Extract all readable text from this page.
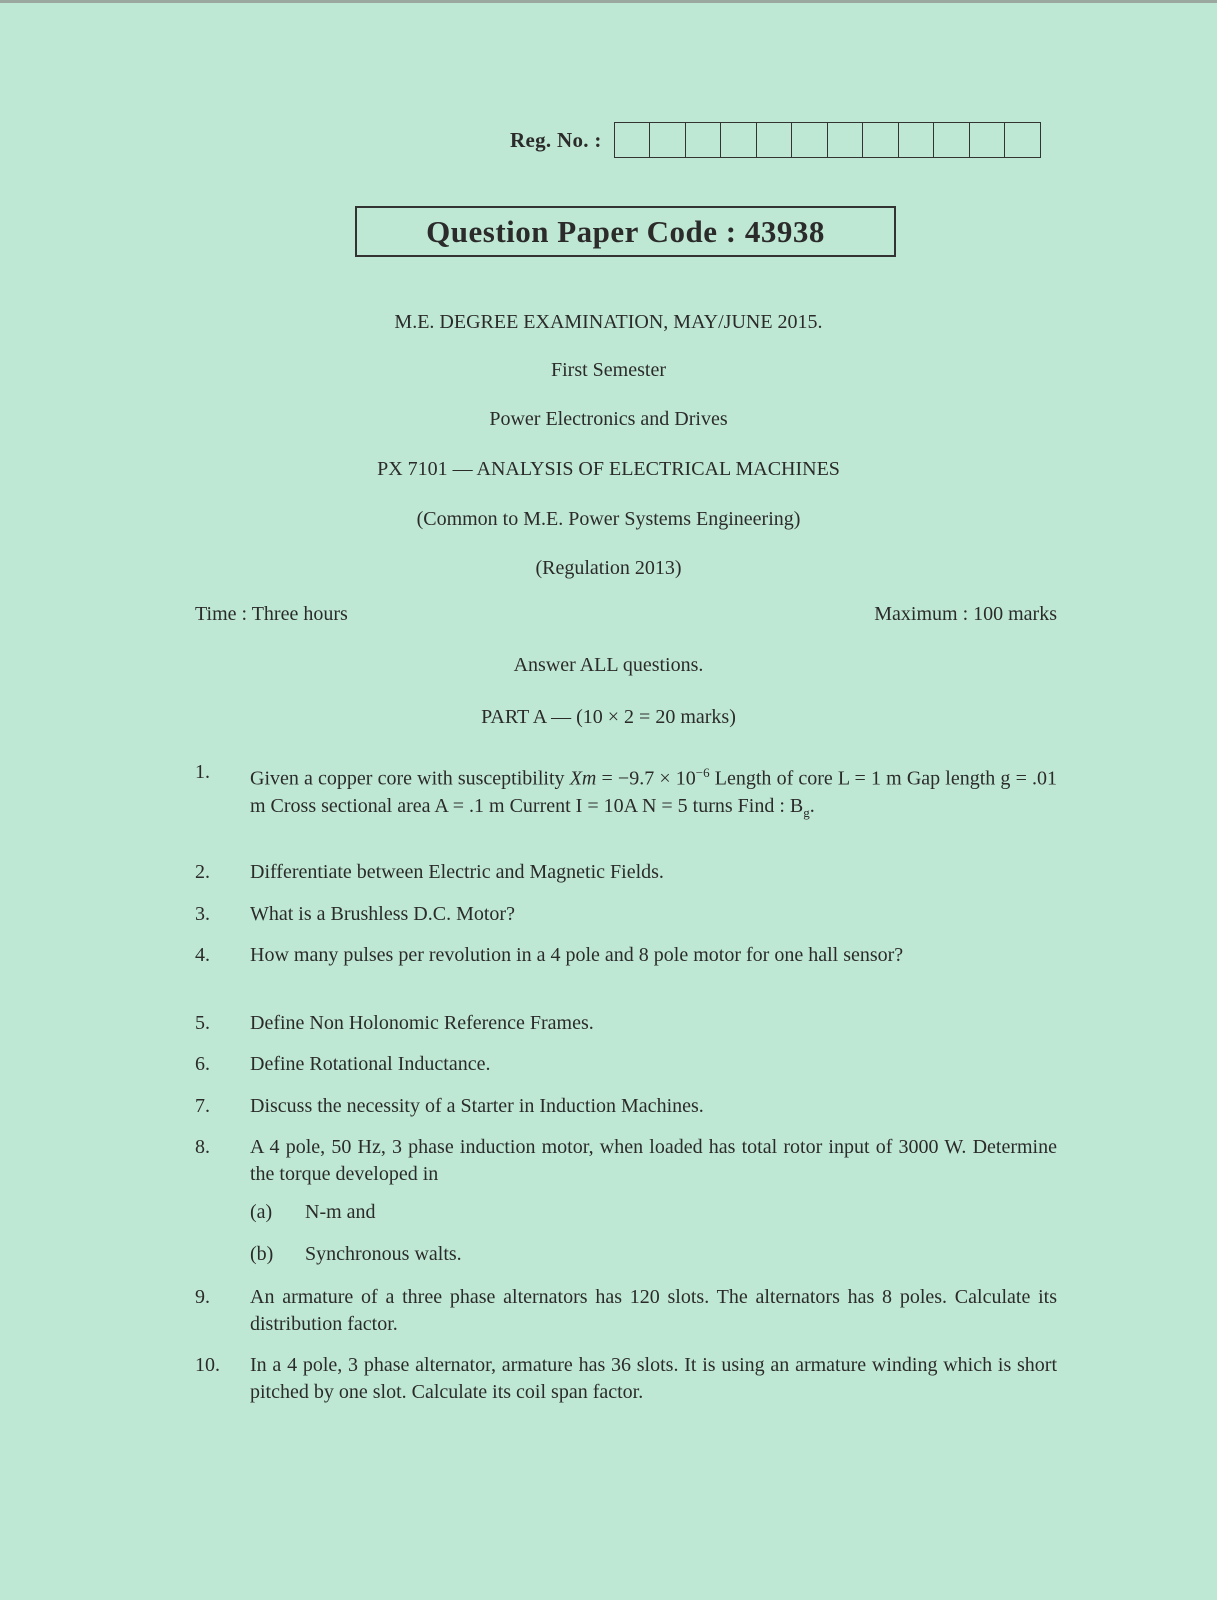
Reg. No. :
Question Paper Code : 43938
M.E. DEGREE EXAMINATION, MAY/JUNE 2015.
First Semester
Power Electronics and Drives
PX 7101 — ANALYSIS OF ELECTRICAL MACHINES
(Common to M.E. Power Systems Engineering)
(Regulation 2013)
Time : Three hours	Maximum : 100 marks
Answer ALL questions.
PART A — (10 × 2 = 20 marks)
1.	Given a copper core with susceptibility $Xm = -9.7 \times 10^{-6}$ Length of core L = 1 m Gap length g = .01 m Cross sectional area A = .1 m Current I = 10A N = 5 turns Find : $B_g$.
2.	Differentiate between Electric and Magnetic Fields.
3.	What is a Brushless D.C. Motor?
4.	How many pulses per revolution in a 4 pole and 8 pole motor for one hall sensor?
5.	Define Non Holonomic Reference Frames.
6.	Define Rotational Inductance.
7.	Discuss the necessity of a Starter in Induction Machines.
8.	A 4 pole, 50 Hz, 3 phase induction motor, when loaded has total rotor input of 3000 W. Determine the torque developed in
9.	An armature of a three phase alternators has 120 slots. The alternators has 8 poles. Calculate its distribution factor.
10.	In a 4 pole, 3 phase alternator, armature has 36 slots. It is using an armature winding which is short pitched by one slot. Calculate its coil span factor.
(a)	N-m and
(b)	Synchronous walts.
